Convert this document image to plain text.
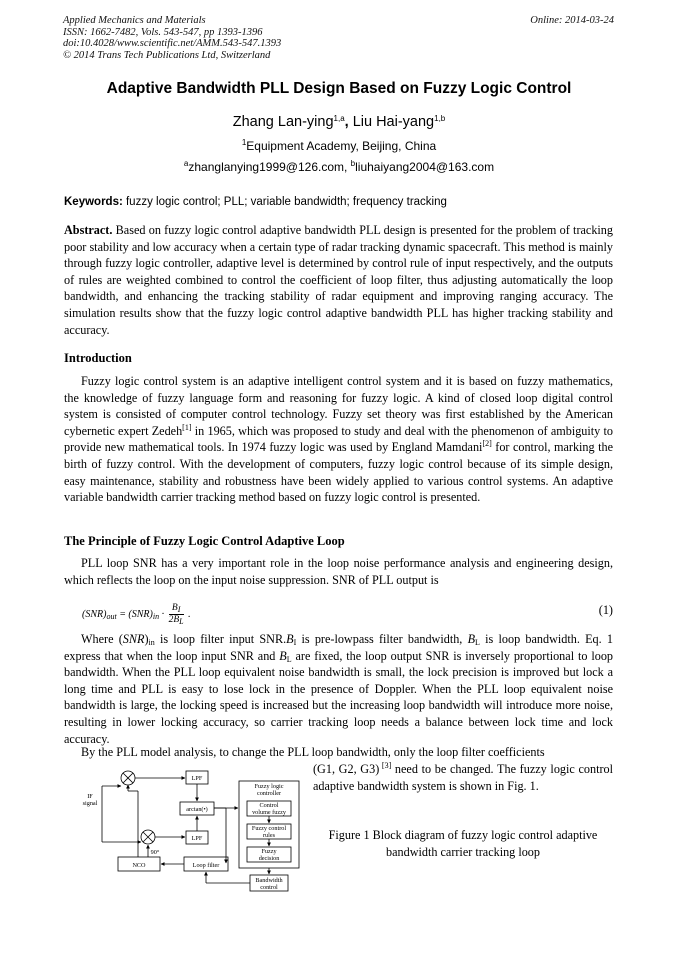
Applied Mechanics and Materials
ISSN: 1662-7482, Vols. 543-547, pp 1393-1396
doi:10.4028/www.scientific.net/AMM.543-547.1393
© 2014 Trans Tech Publications Ltd, Switzerland
Online: 2014-03-24
Adaptive Bandwidth PLL Design Based on Fuzzy Logic Control
Zhang Lan-ying$^{1,a}$, Liu Hai-yang$^{1,b}$
$^1$Equipment Academy, Beijing, China
$^a$zhanglanying1999@126.com, $^b$liuhaiyang2004@163.com
Keywords: fuzzy logic control; PLL; variable bandwidth; frequency tracking
Abstract. Based on fuzzy logic control adaptive bandwidth PLL design is presented for the problem of tracking poor stability and low accuracy when a certain type of radar tracking dynamic spacecraft. This method is mainly through fuzzy logic controller, adaptive level is determined by control rule of input respectively, and the outputs of rules are weighted combined to control the coefficient of loop filter, thus adjusting automatically the loop bandwidth, and enhancing the tracking stability of radar equipment and improving ranging accuracy. The simulation results show that the fuzzy logic control adaptive bandwidth PLL has higher tracking stability and accuracy.
Introduction
Fuzzy logic control system is an adaptive intelligent control system and it is based on fuzzy mathematics, the knowledge of fuzzy language form and reasoning for fuzzy logic. A kind of closed loop digital control system is consisted of computer control technology. Fuzzy set theory was first established by the American cybernetic expert Zedeh[1] in 1965, which was proposed to study and deal with the phenomenon of ambiguity to provide new mathematical tools. In 1974 fuzzy logic was used by England Mamdani[2] for control, marking the birth of fuzzy control. With the development of computers, fuzzy logic control because of its simple design, easy maintenance, stability and robustness have been widely applied to various control systems. An adaptive variable bandwidth carrier tracking method based on fuzzy logic control is presented.
The Principle of Fuzzy Logic Control Adaptive Loop
PLL loop SNR has a very important role in the loop noise performance analysis and engineering design, which reflects the loop on the input noise suppression. SNR of PLL output is
$(SNR)_{out} = (SNR)_{in} \cdot \frac{B_I}{2B_L}$ .	(1)
Where $(SNR)_{in}$ is loop filter input $SNR.B_I$ is pre-lowpass filter bandwidth, $B_L$ is loop bandwidth. Eq. 1 express that when the loop input SNR and $B_L$ are fixed, the loop output SNR is inversely proportional to loop bandwidth. When the PLL loop equivalent noise bandwidth is small, the lock precision is improved but lock a long time and PLL is easy to lose lock in the presence of Doppler. When the PLL loop equivalent noise bandwidth is large, the locking speed is increased but the increasing loop bandwidth will introduce more noise, resulting in lower locking accuracy, so carrier tracking loop needs a balance between lock time and lock accuracy.
By the PLL model analysis, to change the PLL loop bandwidth, only the loop filter coefficients
(G1, G2, G3) [3] need to be changed. The fuzzy logic control adaptive bandwidth system is shown in Fig. 1.
Figure 1 Block diagram of fuzzy logic control adaptive bandwidth carrier tracking loop
IF
signal
LPF
arctan(•)
LPF
90°
NCO	Loop filter
Fuzzy logic
controller
Control
volume fuzzy
Fuzzy control
rules
Fuzzy
decision
Bandwidth
control
